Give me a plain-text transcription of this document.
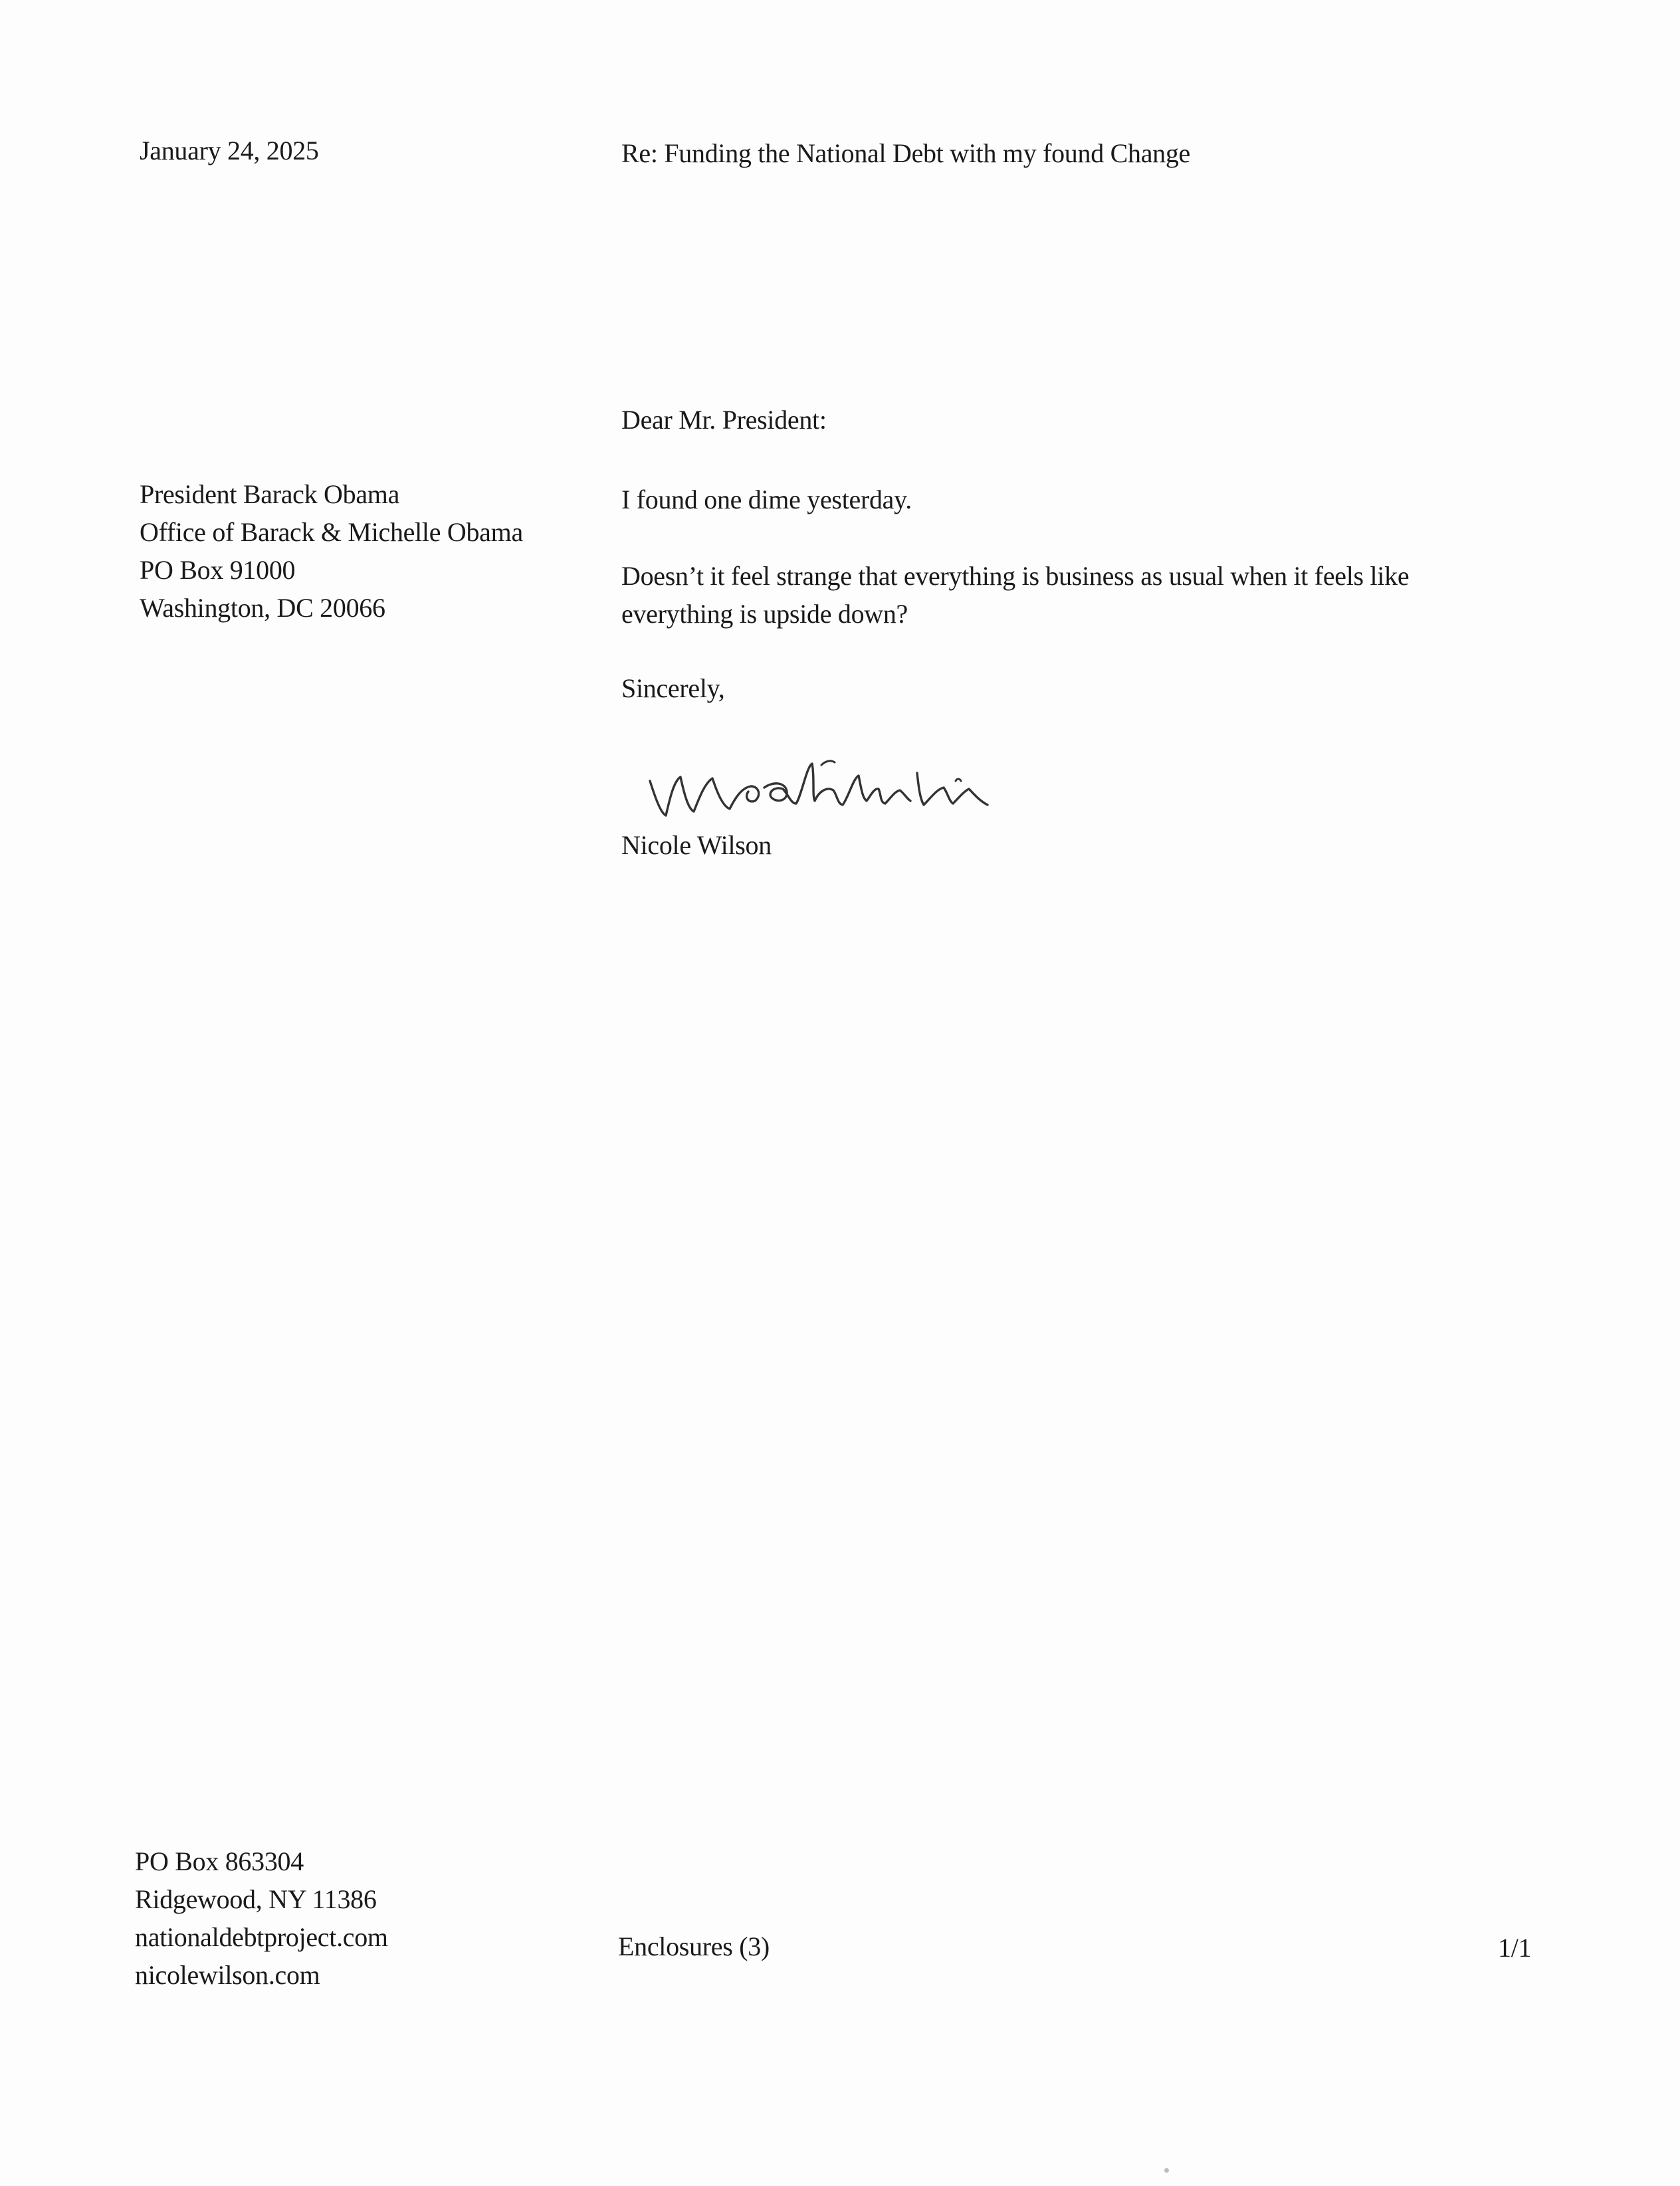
January 24, 2025	Re: Funding the National Debt with my found Change
Dear Mr. President:
President Barack Obama
Office of Barack & Michelle Obama
PO Box 91000
Washington, DC 20066
I found one dime yesterday.
Doesn’t it feel strange that everything is business as usual when it feels like
everything is upside down?
Sincerely,
Nicole Wilson
PO Box 863304
Ridgewood, NY 11386
nationaldebtproject.com
nicolewilson.com
Enclosures (3)	1/1
